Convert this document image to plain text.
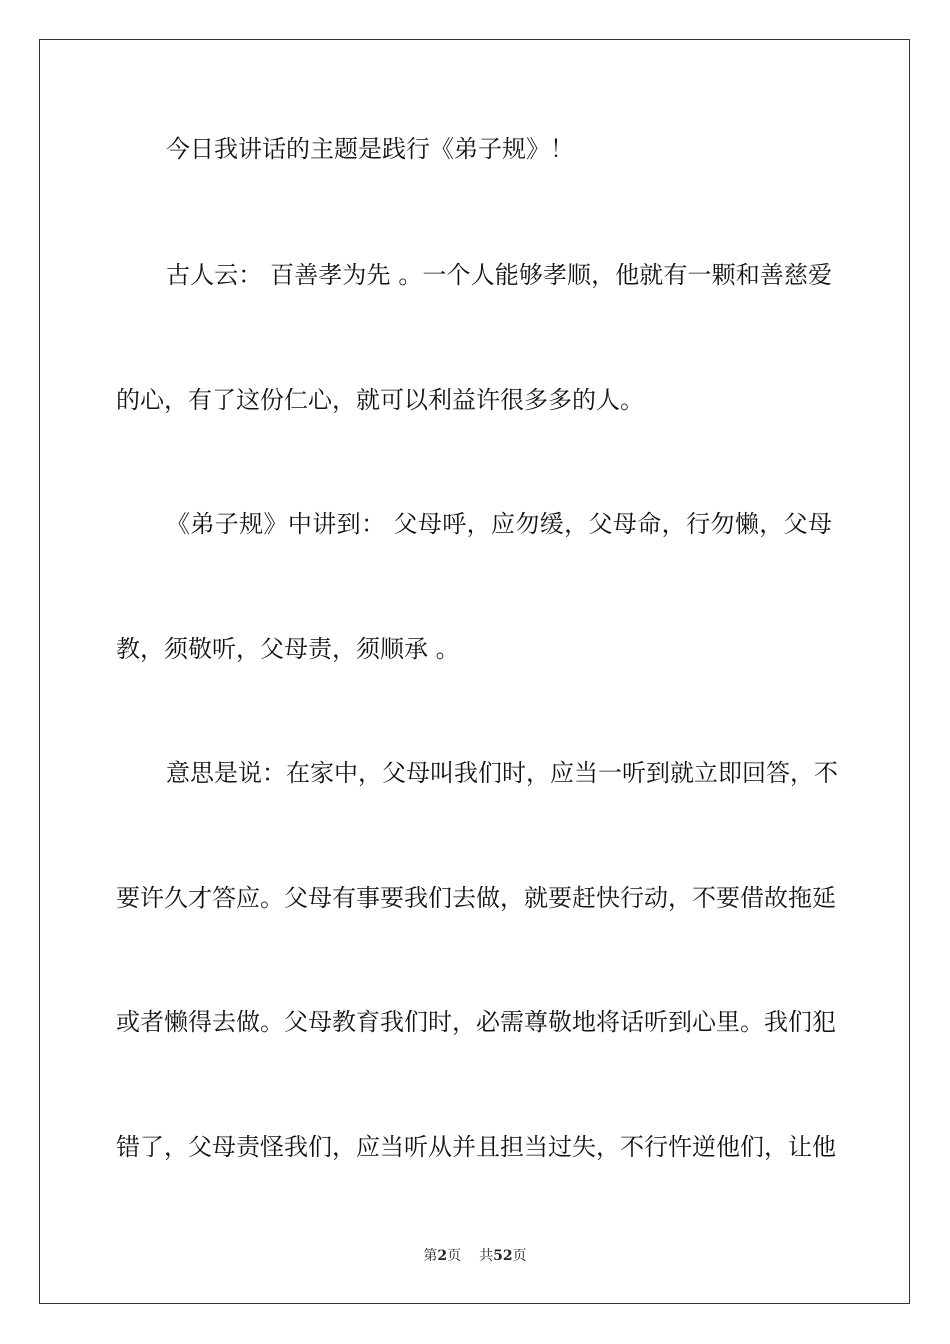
今日我讲话的主题是践行《弟子规》！
古人云： 百善孝为先 。一个人能够孝顺，他就有一颗和善慈爱
的心，有了这份仁心，就可以利益许很多多的人。
《弟子规》中讲到： 父母呼，应勿缓，父母命，行勿懒，父母
教，须敬听，父母责，须顺承 。
意思是说：在家中，父母叫我们时，应当一听到就立即回答，不
要许久才答应。父母有事要我们去做，就要赶快行动，不要借故拖延
或者懒得去做。父母教育我们时，必需尊敬地将话听到心里。我们犯
错了，父母责怪我们，应当听从并且担当过失，不行忤逆他们，让他
第2页 共52页
